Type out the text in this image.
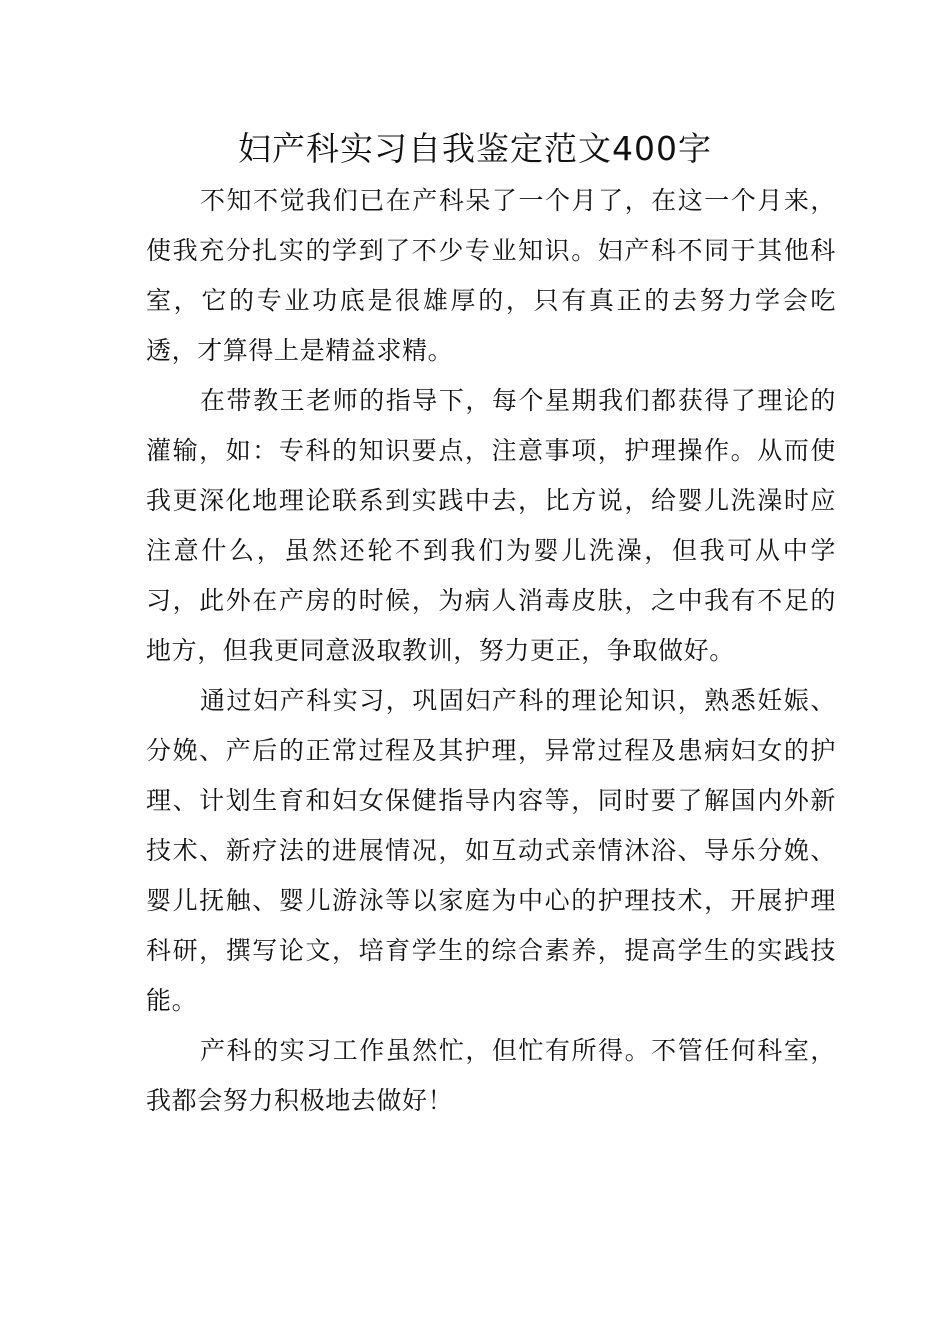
妇产科实习自我鉴定范文400字

不知不觉我们已在产科呆了一个月了，在这一个月来，使我充分扎实的学到了不少专业知识。妇产科不同于其他科室，它的专业功底是很雄厚的，只有真正的去努力学会吃透，才算得上是精益求精。

在带教王老师的指导下，每个星期我们都获得了理论的灌输，如：专科的知识要点，注意事项，护理操作。从而使我更深化地理论联系到实践中去，比方说，给婴儿洗澡时应注意什么，虽然还轮不到我们为婴儿洗澡，但我可从中学习，此外在产房的时候，为病人消毒皮肤，之中我有不足的地方，但我更同意汲取教训，努力更正，争取做好。

通过妇产科实习，巩固妇产科的理论知识，熟悉妊娠、分娩、产后的正常过程及其护理，异常过程及患病妇女的护理、计划生育和妇女保健指导内容等，同时要了解国内外新技术、新疗法的进展情况，如互动式亲情沐浴、导乐分娩、婴儿抚触、婴儿游泳等以家庭为中心的护理技术，开展护理科研，撰写论文，培育学生的综合素养，提高学生的实践技能。

产科的实习工作虽然忙，但忙有所得。不管任何科室，我都会努力积极地去做好！
